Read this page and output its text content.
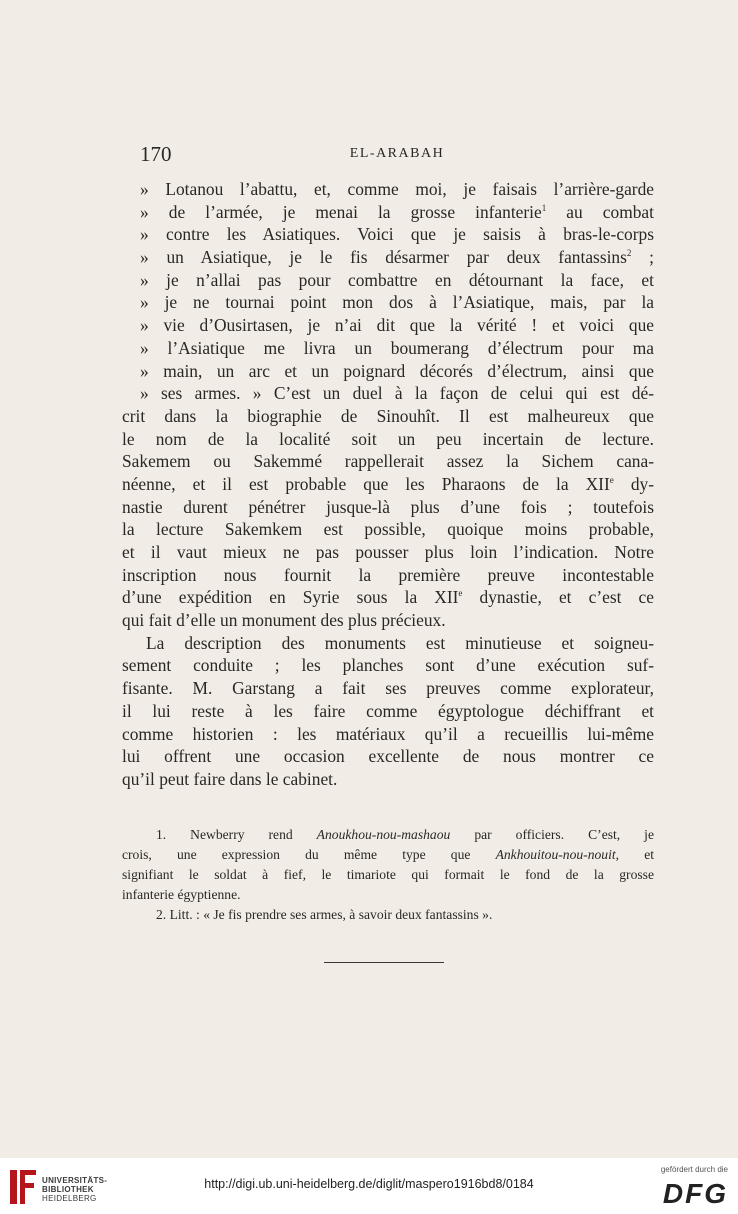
170	EL-ARABAH
» Lotanou l’abattu, et, comme moi, je faisais l’arrière-garde
» de l’armée, je menai la grosse infanterie$^1$ au combat
» contre les Asiatiques. Voici que je saisis à bras-le-corps
» un Asiatique, je le fis désarmer par deux fantassins$^2$ ;
» je n’allai pas pour combattre en détournant la face, et
» je ne tournai point mon dos à l’Asiatique, mais, par la
» vie d’Ousirtasen, je n’ai dit que la vérité ! et voici que
» l’Asiatique me livra un boumerang d’électrum pour ma
» main, un arc et un poignard décorés d’électrum, ainsi que
» ses armes. » C’est un duel à la façon de celui qui est dé-
crit dans la biographie de Sinouhît. Il est malheureux que
le nom de la localité soit un peu incertain de lecture.
Sakemem ou Sakemmé rappellerait assez la Sichem cana-
néenne, et il est probable que les Pharaons de la XIIe dy-
nastie durent pénétrer jusque-là plus d’une fois ; toutefois
la lecture Sakemkem est possible, quoique moins probable,
et il vaut mieux ne pas pousser plus loin l’indication. Notre
inscription nous fournit la première preuve incontestable
d’une expédition en Syrie sous la XIIe dynastie, et c’est ce
qui fait d’elle un monument des plus précieux.
La description des monuments est minutieuse et soigneu-
sement conduite ; les planches sont d’une exécution suf-
fisante. M. Garstang a fait ses preuves comme explorateur,
il lui reste à les faire comme égyptologue déchiffrant et
comme historien : les matériaux qu’il a recueillis lui-même
lui offrent une occasion excellente de nous montrer ce
qu’il peut faire dans le cabinet.
1. Newberry rend Anoukhou-nou-mashaou par officiers. C’est, je
crois, une expression du même type que Ankhouitou-nou-nouit, et
signifiant le soldat à fief, le timariote qui formait le fond de la grosse
infanterie égyptienne.
2. Litt. : « Je fis prendre ses armes, à savoir deux fantassins ».
UNIVERSITÄTS-
BIBLIOTHEK
HEIDELBERG
http://digi.ub.uni-heidelberg.de/diglit/maspero1916bd8/0184
gefördert durch die
DFG
